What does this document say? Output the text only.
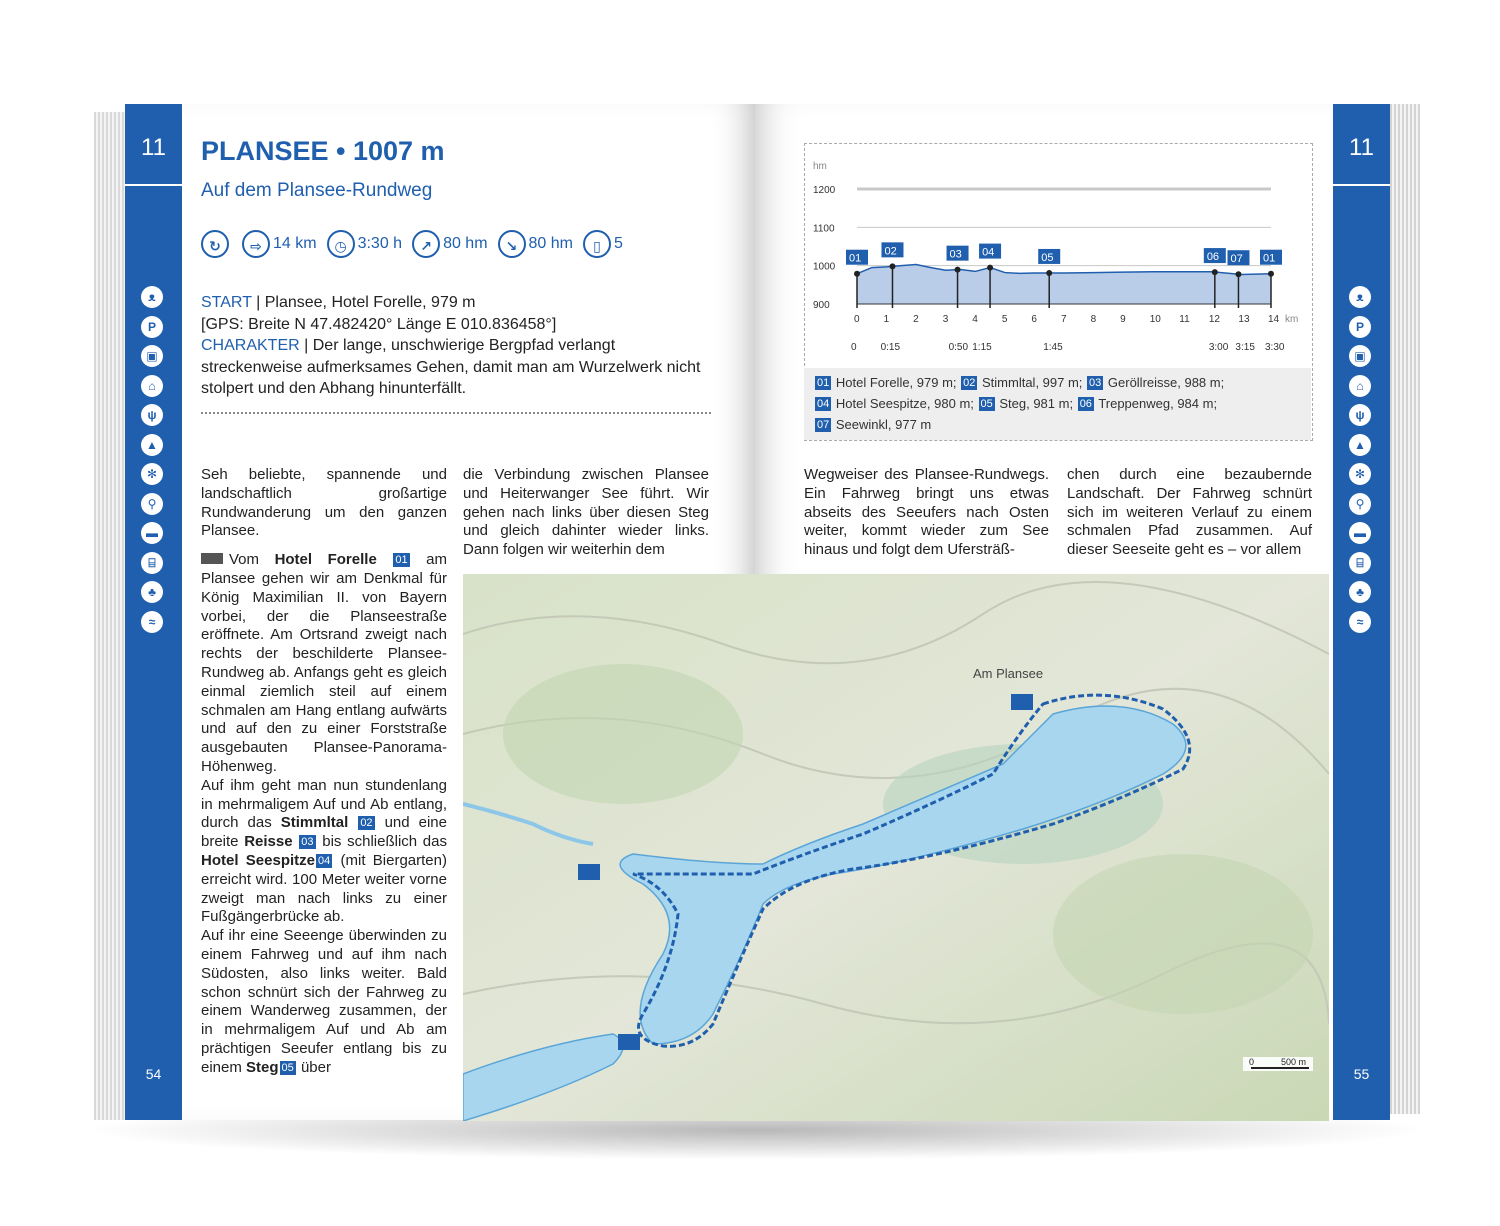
11
ᴥ
P
▣
⌂
ψ
▲
✻
⚲
▬
⌸
♣
≈
54
PLANSEE • 1007 m
Auf dem Plansee-Rundweg
↻	⇨ 14 km	◷ 3:30 h	↗ 80 hm	↘ 80 hm	▯ 5
START | Plansee, Hotel Forelle, 979 m
[GPS: Breite N 47.482420° Länge E 010.836458°]
CHARAKTER | Der lange, unschwierige Bergpfad verlangt streckenweise aufmerksames Gehen, damit man am Wurzelwerk nicht stolpert und den Abhang hinunterfällt.

Seh beliebte, spannende und landschaftlich großartige Rundwanderung um den ganzen Plansee.

Vom Hotel Forelle 01 am Plansee gehen wir am Denkmal für König Maximilian II. von Bayern vorbei, der die Planseestraße eröffnete. Am Ortsrand zweigt nach rechts der beschilderte Plansee-Rundweg ab. Anfangs geht es gleich einmal ziemlich steil auf einem schmalen am Hang entlang aufwärts und auf den zu einer Forststraße ausgebauten Plansee-Panorama-Höhenweg.
Auf ihm geht man nun stundenlang in mehrmaligem Auf und Ab entlang, durch das Stimmltal 02 und eine breite Reisse 03 bis schließlich das Hotel Seespitze 04 (mit Biergarten) erreicht wird. 100 Meter weiter vorne zweigt man nach links zu einer Fußgängerbrücke ab.
Auf ihr eine Seeenge überwinden zu einem Fahrweg und auf ihm nach Südosten, also links weiter. Bald schon schnürt sich der Fahrweg zu einem Wanderweg zusammen, der in mehrmaligem Auf und Ab am prächtigen Seeufer entlang bis zu einem Steg 05 über

die Verbindung zwischen Plansee und Heiterwanger See führt. Wir gehen nach links über diesen Steg und gleich dahinter wieder links. Dann folgen wir weiterhin dem
11
ᴥ
P
▣
⌂
ψ
▲
✻
⚲
▬
⌸
♣
≈
55
hm
900
1000
1100
1200
0 1 2 3 4 5 6 7 8 9 10 11 12 13 14 km
0 0:15	0:50 1:15	1:45	3:00 3:15 3:30
01
02	03 04	05	06 07 01
01 Hotel Forelle, 979 m; 02 Stimmltal, 997 m; 03 Geröllreisse, 988 m;
04 Hotel Seespitze, 980 m; 05 Steg, 981 m; 06 Treppenweg, 984 m;
07 Seewinkl, 977 m
Wegweiser des Plansee-Rundwegs. Ein Fahrweg bringt uns etwas abseits des Seeufers nach Osten weiter, kommt wieder zum See hinaus und folgt dem Ufersträß-
chen durch eine bezaubernde Landschaft. Der Fahrweg schnürt sich im weiteren Verlauf zu einem schmalen Pfad zusammen. Auf dieser Seeseite geht es – vor allem
Am Plansee
0	500 m
